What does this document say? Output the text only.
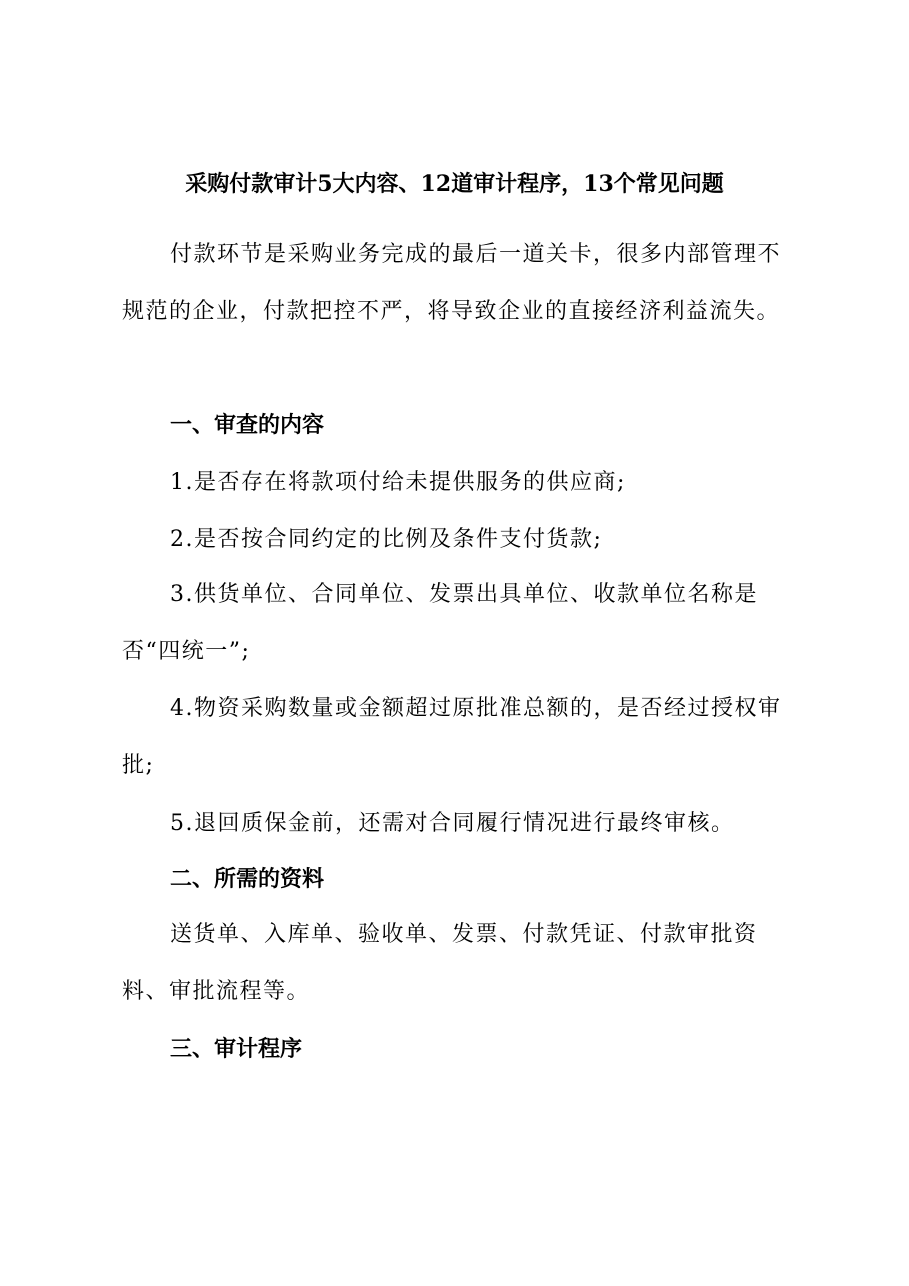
采购付款审计5大内容、12道审计程序，13个常见问题
付款环节是采购业务完成的最后一道关卡，很多内部管理不规范的企业，付款把控不严，将导致企业的直接经济利益流失。
一、审查的内容
1.是否存在将款项付给未提供服务的供应商;
2.是否按合同约定的比例及条件支付货款;
3.供货单位、合同单位、发票出具单位、收款单位名称是否“四统一”;
4.物资采购数量或金额超过原批准总额的，是否经过授权审批;
5.退回质保金前，还需对合同履行情况进行最终审核。
二、所需的资料
送货单、入库单、验收单、发票、付款凭证、付款审批资料、审批流程等。
三、审计程序
